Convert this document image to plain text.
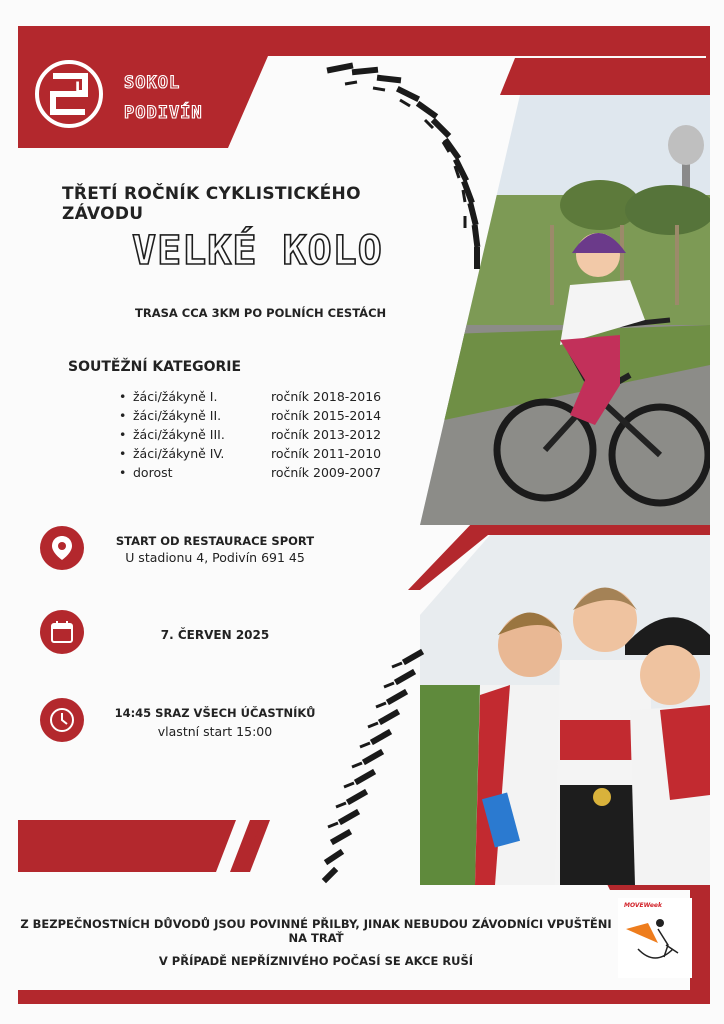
L SOKOL
PODIVÍN
TŘETÍ ROČNÍK CYKLISTICKÉHO ZÁVODU
VELKÉ KOLO
TRASA CCA 3KM PO POLNÍCH CESTÁCH
SOUTĚŽNÍ KATEGORIE
• žáci/žákyně I.	ročník 2018-2016
• žáci/žákyně II.	ročník 2015-2014
• žáci/žákyně III.	ročník 2013-2012
• žáci/žákyně IV.	ročník 2011-2010
• dorost	ročník 2009-2007
START OD RESTAURACE SPORT
U stadionu 4, Podivín 691 45
7. ČERVEN 2025
14:45 SRAZ VŠECH ÚČASTNÍKŮ
vlastní start 15:00
Z BEZPEČNOSTNÍCH DŮVODŮ JSOU POVINNÉ PŘILBY, JINAK NEBUDOU ZÁVODNÍCI VPUŠTĚNI NA TRAŤ
V PŘÍPADĚ NEPŘÍZNIVÉHO POČASÍ SE AKCE RUŠÍ
MOVEWeek
